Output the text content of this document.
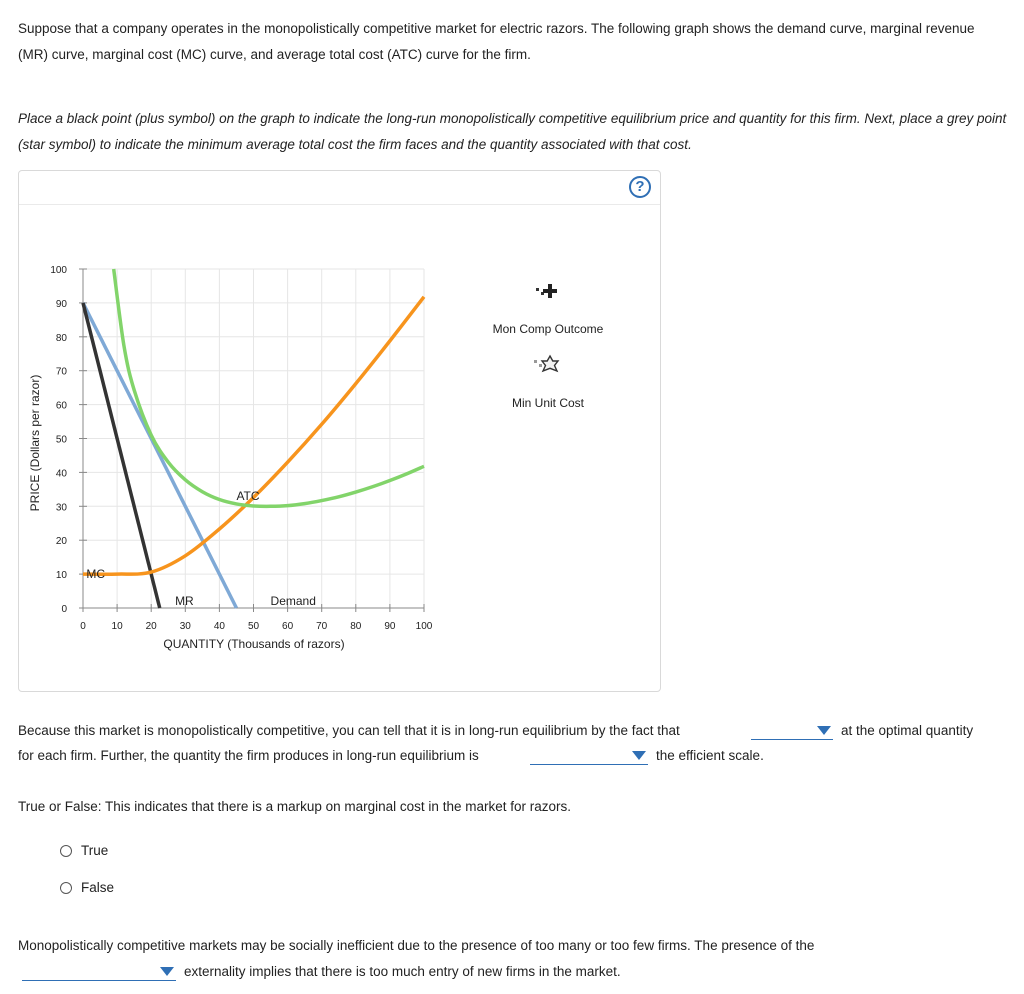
Suppose that a company operates in the monopolistically competitive market for electric razors. The following graph shows the demand curve, marginal revenue (MR) curve, marginal cost (MC) curve, and average total cost (ATC) curve for the firm.

Place a black point (plus symbol) on the graph to indicate the long-run monopolistically competitive equilibrium price and quantity for this firm. Next, place a grey point (star symbol) to indicate the minimum average total cost the firm faces and the quantity associated with that cost.

?
0
10
20
30
40
50
60
70
80
90
100
0	10 20 30 40 50 60 70 80 90 100
MC
ATC
MR	Demand
QUANTITY (Thousands of razors)
PRICE (Dollars per razor)
Mon Comp Outcome
Min Unit Cost
Because this market is monopolistically competitive, you can tell that it is in long-run equilibrium by the fact that	at the optimal quantity
for each firm. Further, the quantity the firm produces in long-run equilibrium is	the efficient scale.
True or False: This indicates that there is a markup on marginal cost in the market for razors.
True
False
Monopolistically competitive markets may be socially inefficient due to the presence of too many or too few firms. The presence of the
externality implies that there is too much entry of new firms in the market.
